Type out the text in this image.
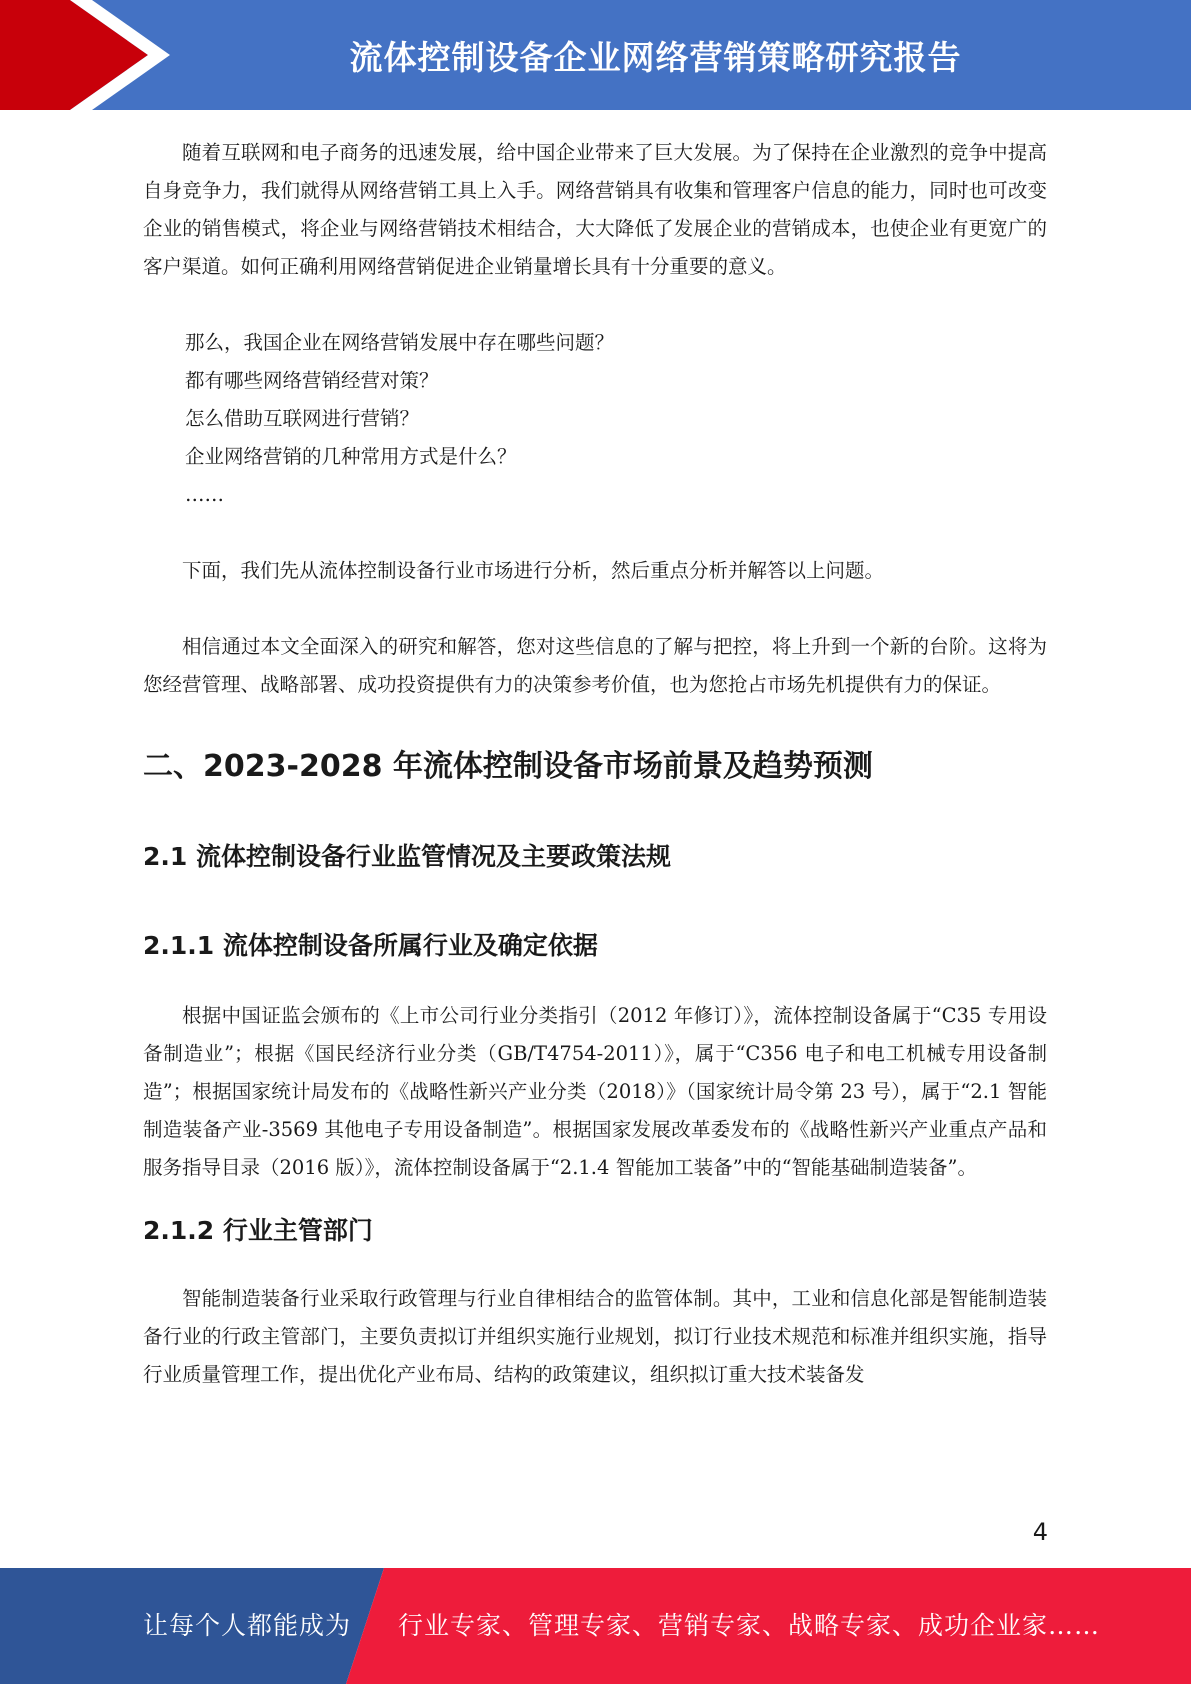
流体控制设备企业网络营销策略研究报告

随着互联网和电子商务的迅速发展，给中国企业带来了巨大发展。为了保持在企业激烈的竞争中提高自身竞争力，我们就得从网络营销工具上入手。网络营销具有收集和管理客户信息的能力，同时也可改变企业的销售模式，将企业与网络营销技术相结合，大大降低了发展企业的营销成本，也使企业有更宽广的客户渠道。如何正确利用网络营销促进企业销量增长具有十分重要的意义。

那么，我国企业在网络营销发展中存在哪些问题？
都有哪些网络营销经营对策？
怎么借助互联网进行营销？
企业网络营销的几种常用方式是什么？
……

下面，我们先从流体控制设备行业市场进行分析，然后重点分析并解答以上问题。

相信通过本文全面深入的研究和解答，您对这些信息的了解与把控，将上升到一个新的台阶。这将为您经营管理、战略部署、成功投资提供有力的决策参考价值，也为您抢占市场先机提供有力的保证。

二、2023-2028 年流体控制设备市场前景及趋势预测
2.1 流体控制设备行业监管情况及主要政策法规
2.1.1 流体控制设备所属行业及确定依据

根据中国证监会颁布的《上市公司行业分类指引（2012 年修订）》，流体控制设备属于“C35 专用设备制造业”；根据《国民经济行业分类（GB/T4754-2011）》，属于“C356 电子和电工机械专用设备制造”；根据国家统计局发布的《战略性新兴产业分类（2018）》（国家统计局令第 23 号），属于“2.1 智能制造装备产业-3569 其他电子专用设备制造”。根据国家发展改革委发布的《战略性新兴产业重点产品和服务指导目录（2016 版）》，流体控制设备属于“2.1.4 智能加工装备”中的“智能基础制造装备”。

2.1.2 行业主管部门

智能制造装备行业采取行政管理与行业自律相结合的监管体制。其中，工业和信息化部是智能制造装备行业的行政主管部门，主要负责拟订并组织实施行业规划，拟订行业技术规范和标准并组织实施，指导行业质量管理工作，提出优化产业布局、结构的政策建议，组织拟订重大技术装备发

4
让每个人都能成为 行业专家、管理专家、营销专家、战略专家、成功企业家……
